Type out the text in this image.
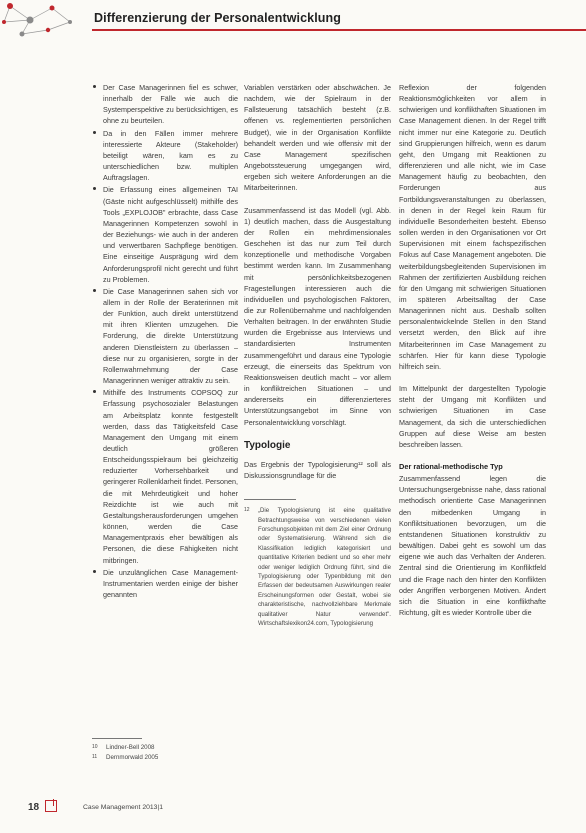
Differenzierung der Personalentwicklung
Der Case Managerinnen fiel es schwer, innerhalb der Fälle wie auch die Systemperspektive zu berücksichtigen, es ohne zu beurteilen.
Da in den Fällen immer mehrere interessierte Akteure (Stakeholder) beteiligt wären, kam es zu unterschiedlichen bzw. multiplen Auftragslagen.
Die Erfassung eines allgemeinen TAI (Gäste nicht aufgeschlüsselt) mithilfe des Tools „EXPLOJOB" erbrachte, dass Case Managerinnen Kompetenzen sowohl in der Beziehungs- wie auch in der anderen und verwertbaren Sachpflege benötigen. Eine einseitige Ausprägung wird dem Anforderungsprofil nicht gerecht und führt zu Problemen.
Die Case Managerinnen sahen sich vor allem in der Rolle der Beraterinnen mit der Funktion, auch direkt unterstützend mit ihren Klienten umzugehen. Die Forderung, die direkte Unterstützung anderen Dienstleistern zu überlassen – diese nur zu organisieren, sorgte in der Rollenwahrnehmung der Case Managerinnen weniger attraktiv zu sein.
Mithilfe des Instruments COPSOQ zur Erfassung psychosozialer Belastungen am Arbeitsplatz konnte festgestellt werden, dass das Tätigkeitsfeld Case Management den Umgang mit einem deutlich größeren Entscheidungsspielraum bei gleichzeitig reduzierter Vorhersehbarkeit und geringerer Rollenklarheit findet. Personen, die mit Mehrdeutigkeit und hoher Reizdichte ist wie auch mit Gestaltungsherausforderungen umgehen können, werden die Case Managementpraxis eher bewältigen als Personen, die diese Fähigkeiten nicht mitbringen.
Die unzulänglichen Case Management-Instrumentarien werden einige der bisher genannten
10 Lindner-Bell 2008
11 Dernmorwald 2005

Variablen verstärken oder abschwächen. Je nachdem, wie der Spielraum in der Fallsteuerung tatsächlich besteht (z.B. offenen vs. reglementierten persönlichen Budget), wie in der Organisation Konflikte behandelt werden und wie offensiv mit der Case Management spezifischen Angebotssteuerung umgegangen wird, ergeben sich weitere Anforderungen an die Mitarbeiterinnen.

Zusammenfassend ist das Modell (vgl. Abb. 1) deutlich machen, dass die Ausgestaltung der Rollen ein mehrdimensionales Geschehen ist das nur zum Teil durch konzeptionelle und methodische Vorgaben bestimmt werden kann. Im Zusammenhang mit persönlichkeitsbezogenen Fragestellungen interessieren auch die individuellen und psychologischen Faktoren, die zur Rollenübernahme und nachfolgenden Verhalten beitragen. In der erwähnten Studie wurden die Ergebnisse aus Interviews und standardisierten Instrumenten zusammengeführt und daraus eine Typologie erzeugt, die einerseits das Spektrum von Reaktionsweisen deutlich macht – vor allem in konfliktreichen Situationen – und andererseits ein differenzierteres Unterstützungsangebot im Sinne von Personalentwicklung vorschlägt.

Typologie

Das Ergebnis der Typologisierung¹² soll als Diskussionsgrundlage für die

12 „Die Typologisierung ist eine qualitative Betrachtungsweise von verschiedenen vielen Forschungsobjekten mit dem Ziel einer Ordnung oder Systematisierung. Während sich die Klassifikation lediglich kategorisiert und quantitative Kriterien bedient und so eher mehr oder weniger lediglich Ordnung führt, sind die Typologisierung oder Typenbildung mit den Erfassen der bedeutsamen Auswirkungen realer Erscheinungsformen oder Gestalt, wobei sie charakteristische, nachvollziehbare Merkmale qualitativer Natur verwendet". Wirtschaftslexikon24.com, Typologisierung

Reflexion der folgenden Reaktionsmöglichkeiten vor allem in schwierigen und konflikthaften Situationen im Case Management dienen. In der Regel trifft nicht immer nur eine Kategorie zu. Deutlich sind Gruppierungen hilfreich, wenn es darum geht, den Umgang mit Reaktionen zu differenzieren und alle nicht, wie im Case Management häufig zu beobachten, den Forderungen aus Fortbildungsveranstaltungen zu überlassen, in denen in der Regel kein Raum für individuelle Besonderheiten besteht. Ebenso sollen werden in den Organisationen vor Ort Supervisionen mit einem fachspezifischen Fokus auf Case Management angeboten. Die weiterbildungsbegleitenden Supervisionen im Rahmen der zertifizierten Ausbildung reichen für den Umgang mit schwierigen Situationen im späteren Arbeitsalltag der Case Managerinnen nicht aus. Deshalb sollten personalentwickelnde Stellen in den Stand versetzt werden, den Blick auf ihre Mitarbeiterinnen im Case Management zu schärfen. Hier für kann diese Typologie hilfreich sein.

Im Mittelpunkt der dargestellten Typologie steht der Umgang mit Konflikten und schwierigen Situationen im Case Management, da sich die unterschiedlichen Gruppen auf diese Weise am besten beschreiben lassen.

Der rational-methodische Typ

Zusammenfassend legen die Untersuchungsergebnisse nahe, dass rational methodisch orientierte Case Managerinnen den mitbedenken Umgang in Konfliktsituationen bevorzugen, um die entstandenen Situationen konstruktiv zu bewältigen. Dabei geht es sowohl um das eigene wie auch das Verhalten der Anderen. Zentral sind die Orientierung im Konfliktfeld und die Frage nach den hinter den Konflikten oder Angriffen verborgenen Motiven. Ändert sich die Situation in eine konflikthafte Richtung, gilt es wieder Kontrolle über die

18	Case Management 2013|1
